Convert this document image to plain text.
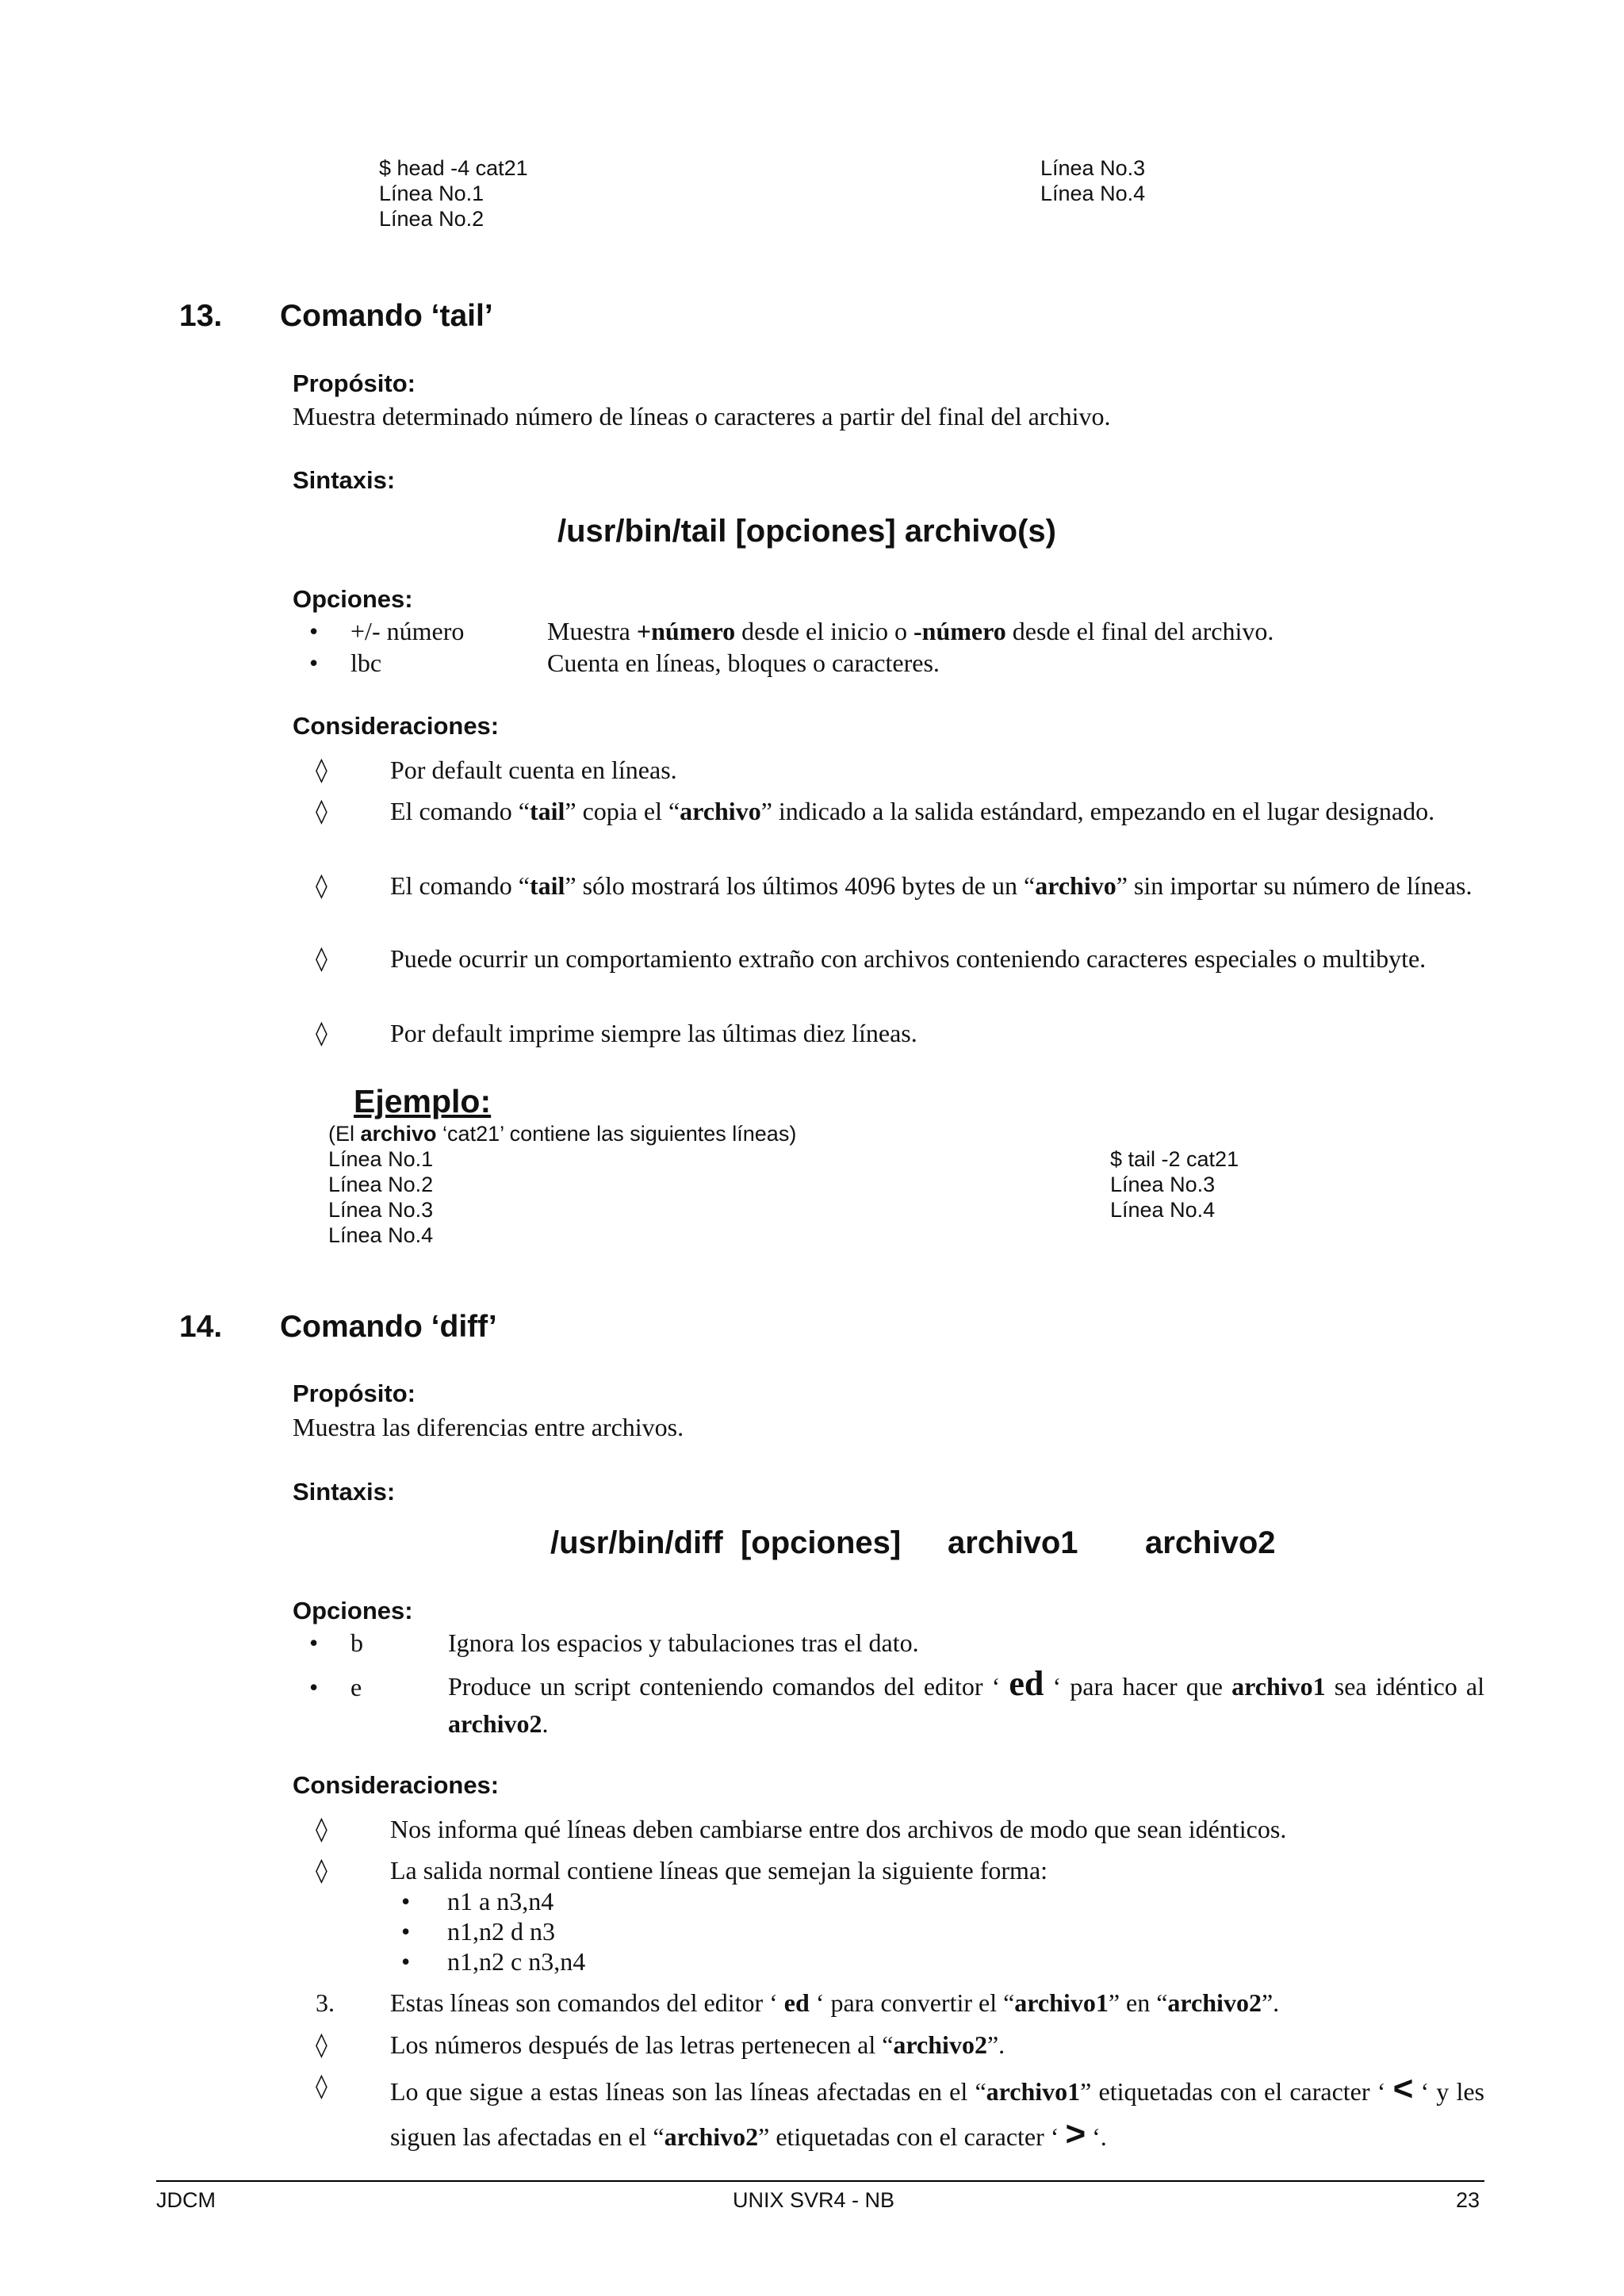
$ head -4 cat21
Línea No.1
Línea No.2
Línea No.3
Línea No.4
13. Comando ‘tail’
Propósito:
Muestra determinado número de líneas o caracteres a partir del final del archivo.
Sintaxis:
/usr/bin/tail [opciones] archivo(s)
Opciones:
• +/- número	Muestra +número desde el inicio o -número desde el final del archivo.
• lbc	Cuenta en líneas, bloques o caracteres.
Consideraciones:
◊ Por default cuenta en líneas.
◊ El comando “tail” copia el “archivo” indicado a la salida estándard, empezando en el lugar designado.
◊ El comando “tail” sólo mostrará los últimos 4096 bytes de un “archivo” sin importar su número de líneas.
◊ Puede ocurrir un comportamiento extraño con archivos conteniendo caracteres especiales o multibyte.
◊ Por default imprime siempre las últimas diez líneas.
Ejemplo:
(El archivo ‘cat21’ contiene las siguientes líneas)
Línea No.1
Línea No.2
Línea No.3
Línea No.4
$ tail -2 cat21
Línea No.3
Línea No.4
14. Comando ‘diff’
Propósito:
Muestra las diferencias entre archivos.
Sintaxis:
/usr/bin/diff  [opciones] archivo1 archivo2
Opciones:
• b	Ignora los espacios y tabulaciones tras el dato.
• e	Produce un script conteniendo comandos del editor ‘ ed ‘ para hacer que archivo1 sea idéntico al archivo2.
Consideraciones:
◊ Nos informa qué líneas deben cambiarse entre dos archivos de modo que sean idénticos.
◊ La salida normal contiene líneas que semejan la siguiente forma:
• n1 a n3,n4
• n1,n2 d n3
• n1,n2 c n3,n4
3. Estas líneas son comandos del editor ‘ ed ‘ para convertir el “archivo1” en “archivo2”.
◊ Los números después de las letras pertenecen al “archivo2”.
◊ Lo que sigue a estas líneas son las líneas afectadas en el “archivo1” etiquetadas con el caracter ‘ < ‘ y les siguen las afectadas en el “archivo2” etiquetadas con el caracter ‘ > ‘.
JDCM	UNIX SVR4 - NB	23
